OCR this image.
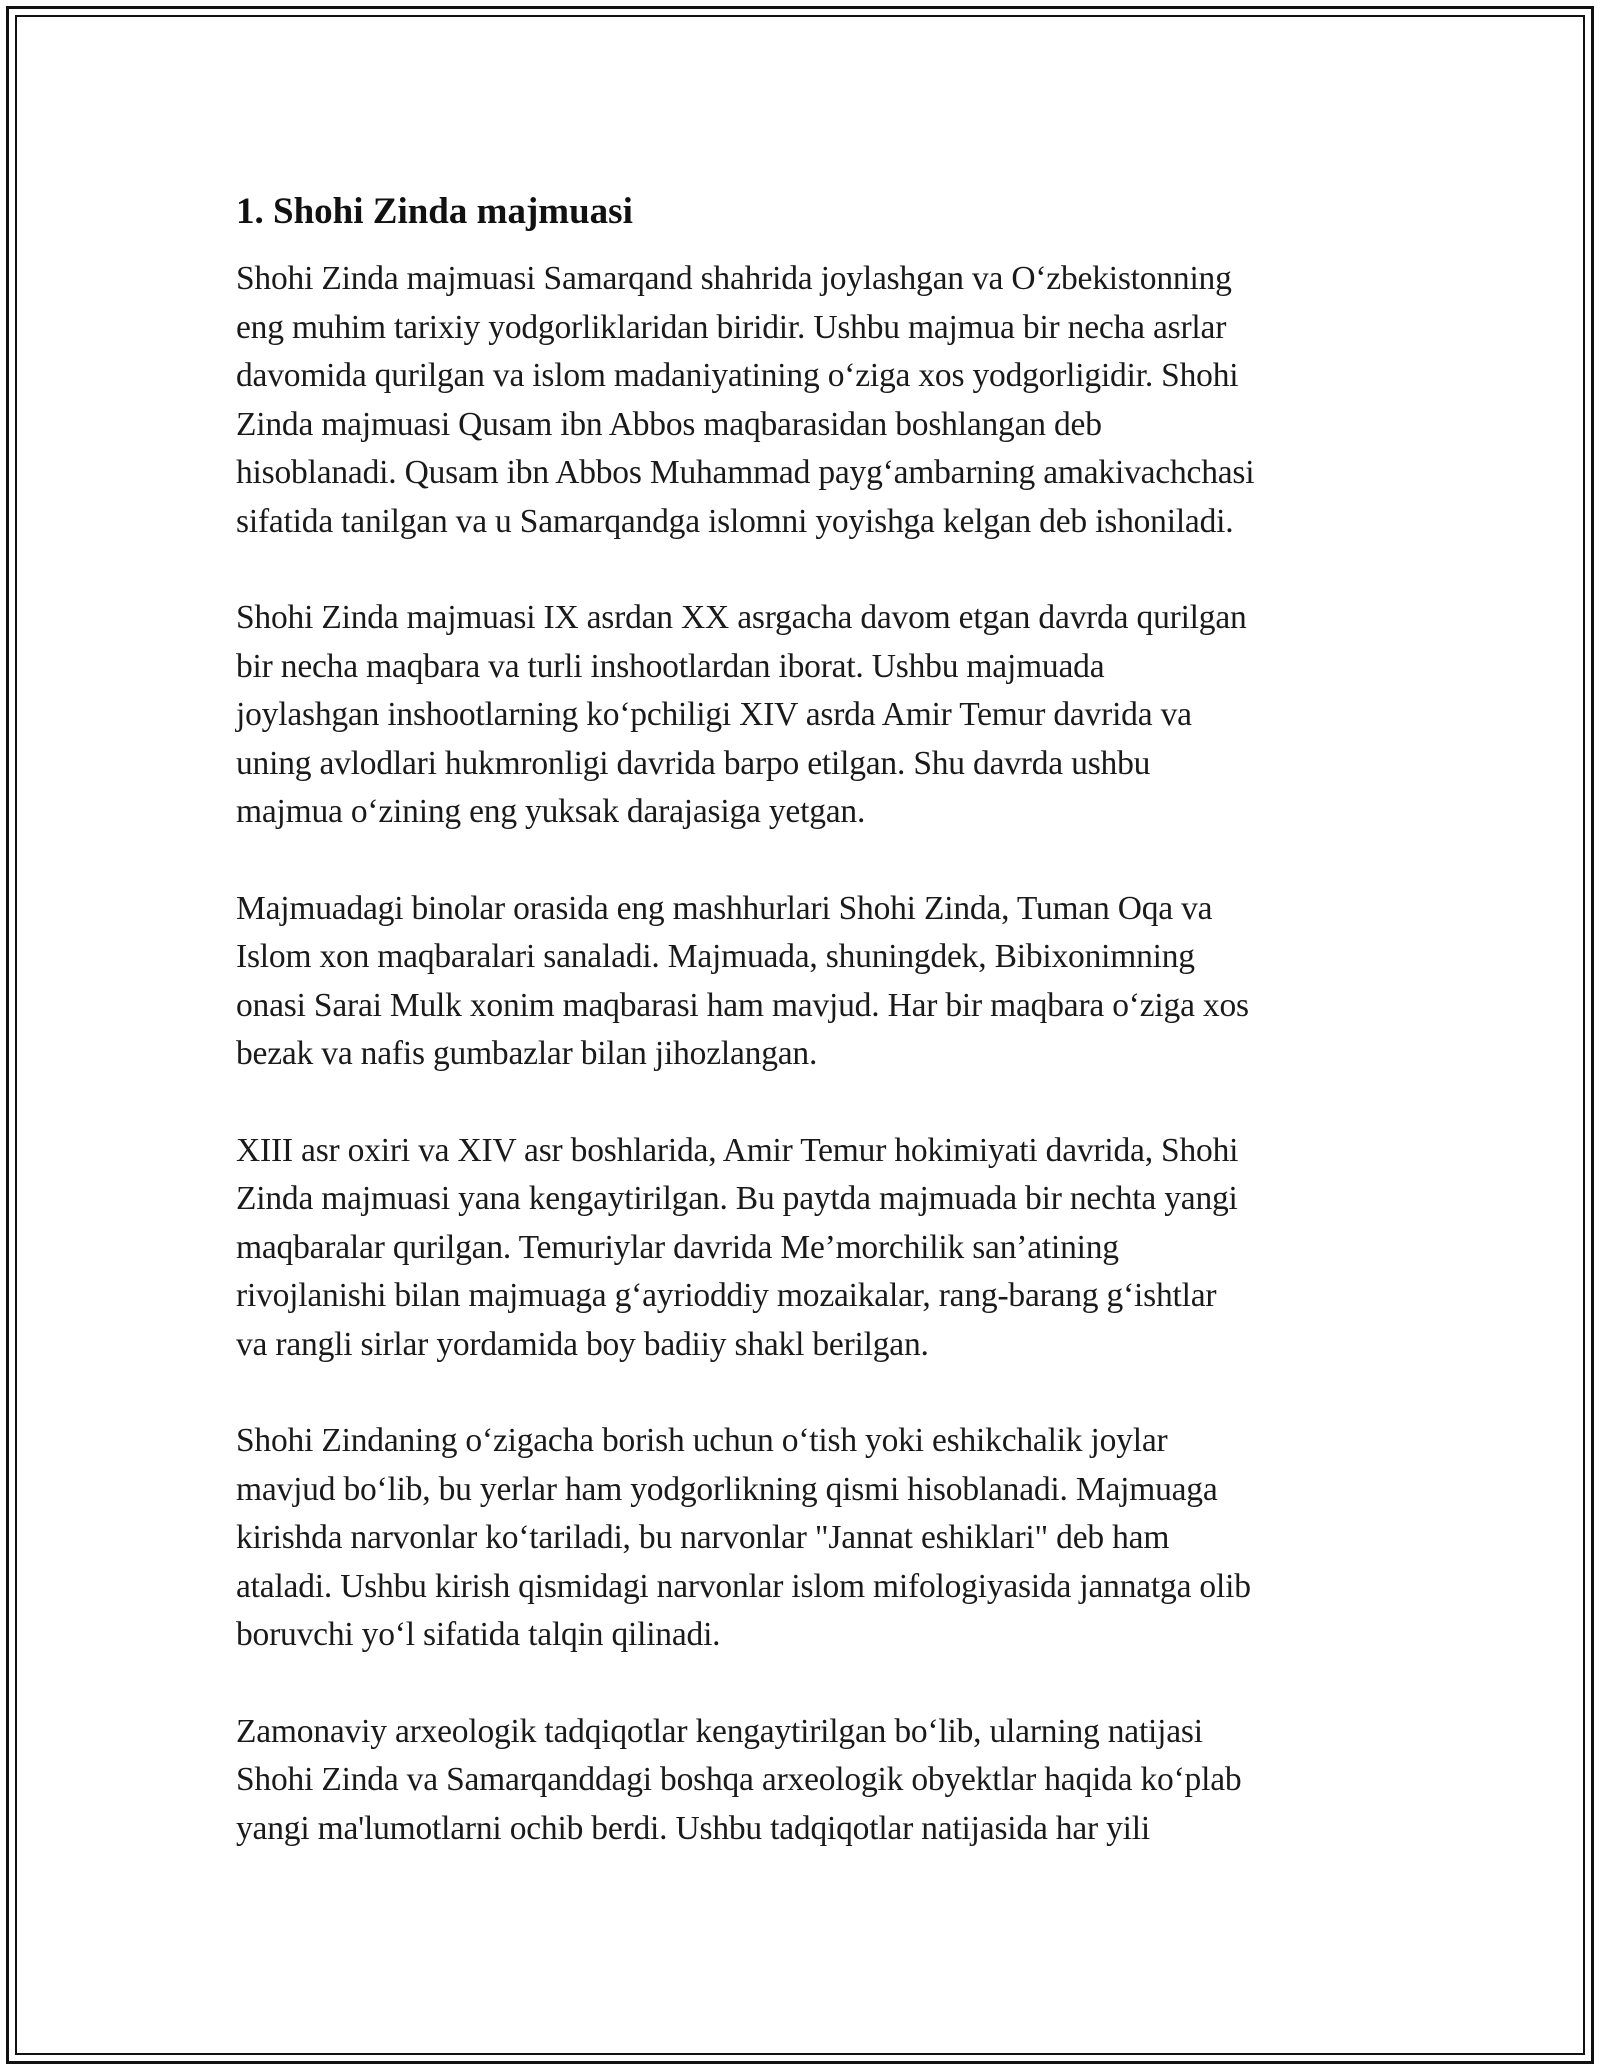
1. Shohi Zinda majmuasi

Shohi Zinda majmuasi Samarqand shahrida joylashgan va O‘zbekistonning
eng muhim tarixiy yodgorliklaridan biridir. Ushbu majmua bir necha asrlar
davomida qurilgan va islom madaniyatining o‘ziga xos yodgorligidir. Shohi
Zinda majmuasi Qusam ibn Abbos maqbarasidan boshlangan deb
hisoblanadi. Qusam ibn Abbos Muhammad payg‘ambarning amakivachchasi
sifatida tanilgan va u Samarqandga islomni yoyishga kelgan deb ishoniladi.

Shohi Zinda majmuasi IX asrdan XX asrgacha davom etgan davrda qurilgan
bir necha maqbara va turli inshootlardan iborat. Ushbu majmuada
joylashgan inshootlarning ko‘pchiligi XIV asrda Amir Temur davrida va
uning avlodlari hukmronligi davrida barpo etilgan. Shu davrda ushbu
majmua o‘zining eng yuksak darajasiga yetgan.

Majmuadagi binolar orasida eng mashhurlari Shohi Zinda, Tuman Oqa va
Islom xon maqbaralari sanaladi. Majmuada, shuningdek, Bibixonimning
onasi Sarai Mulk xonim maqbarasi ham mavjud. Har bir maqbara o‘ziga xos
bezak va nafis gumbazlar bilan jihozlangan.

XIII asr oxiri va XIV asr boshlarida, Amir Temur hokimiyati davrida, Shohi
Zinda majmuasi yana kengaytirilgan. Bu paytda majmuada bir nechta yangi
maqbaralar qurilgan. Temuriylar davrida Me’morchilik san’atining
rivojlanishi bilan majmuaga g‘ayrioddiy mozaikalar, rang-barang g‘ishtlar
va rangli sirlar yordamida boy badiiy shakl berilgan.

Shohi Zindaning o‘zigacha borish uchun o‘tish yoki eshikchalik joylar
mavjud bo‘lib, bu yerlar ham yodgorlikning qismi hisoblanadi. Majmuaga
kirishda narvonlar ko‘tariladi, bu narvonlar "Jannat eshiklari" deb ham
ataladi. Ushbu kirish qismidagi narvonlar islom mifologiyasida jannatga olib
boruvchi yo‘l sifatida talqin qilinadi.

Zamonaviy arxeologik tadqiqotlar kengaytirilgan bo‘lib, ularning natijasi
Shohi Zinda va Samarqanddagi boshqa arxeologik obyektlar haqida ko‘plab
yangi ma'lumotlarni ochib berdi. Ushbu tadqiqotlar natijasida har yili
